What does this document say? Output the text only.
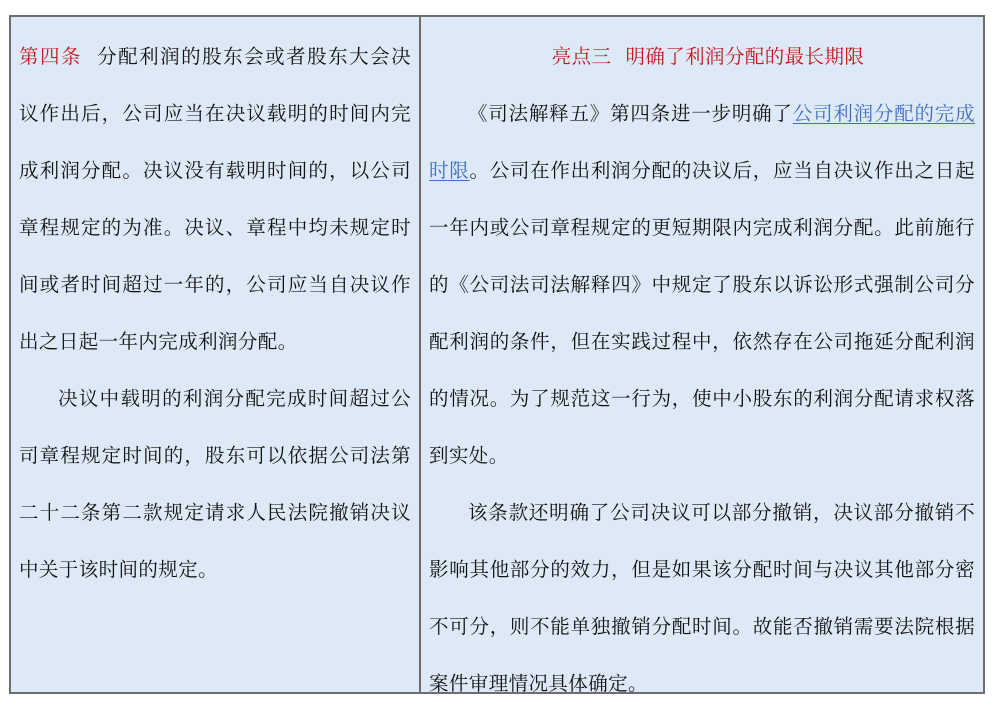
第四条 分配利润的股东会或者股东大会决议作出后，公司应当在决议载明的时间内完成利润分配。决议没有载明时间的，以公司章程规定的为准。决议、章程中均未规定时间或者时间超过一年的，公司应当自决议作出之日起一年内完成利润分配。

决议中载明的利润分配完成时间超过公司章程规定时间的，股东可以依据公司法第二十二条第二款规定请求人民法院撤销决议中关于该时间的规定。

亮点三 明确了利润分配的最长期限

《司法解释五》第四条进一步明确了公司利润分配的完成时限。公司在作出利润分配的决议后，应当自决议作出之日起一年内或公司章程规定的更短期限内完成利润分配。此前施行的《公司法司法解释四》中规定了股东以诉讼形式强制公司分配利润的条件，但在实践过程中，依然存在公司拖延分配利润的情况。为了规范这一行为，使中小股东的利润分配请求权落到实处。

该条款还明确了公司决议可以部分撤销，决议部分撤销不影响其他部分的效力，但是如果该分配时间与决议其他部分密不可分，则不能单独撤销分配时间。故能否撤销需要法院根据案件审理情况具体确定。
